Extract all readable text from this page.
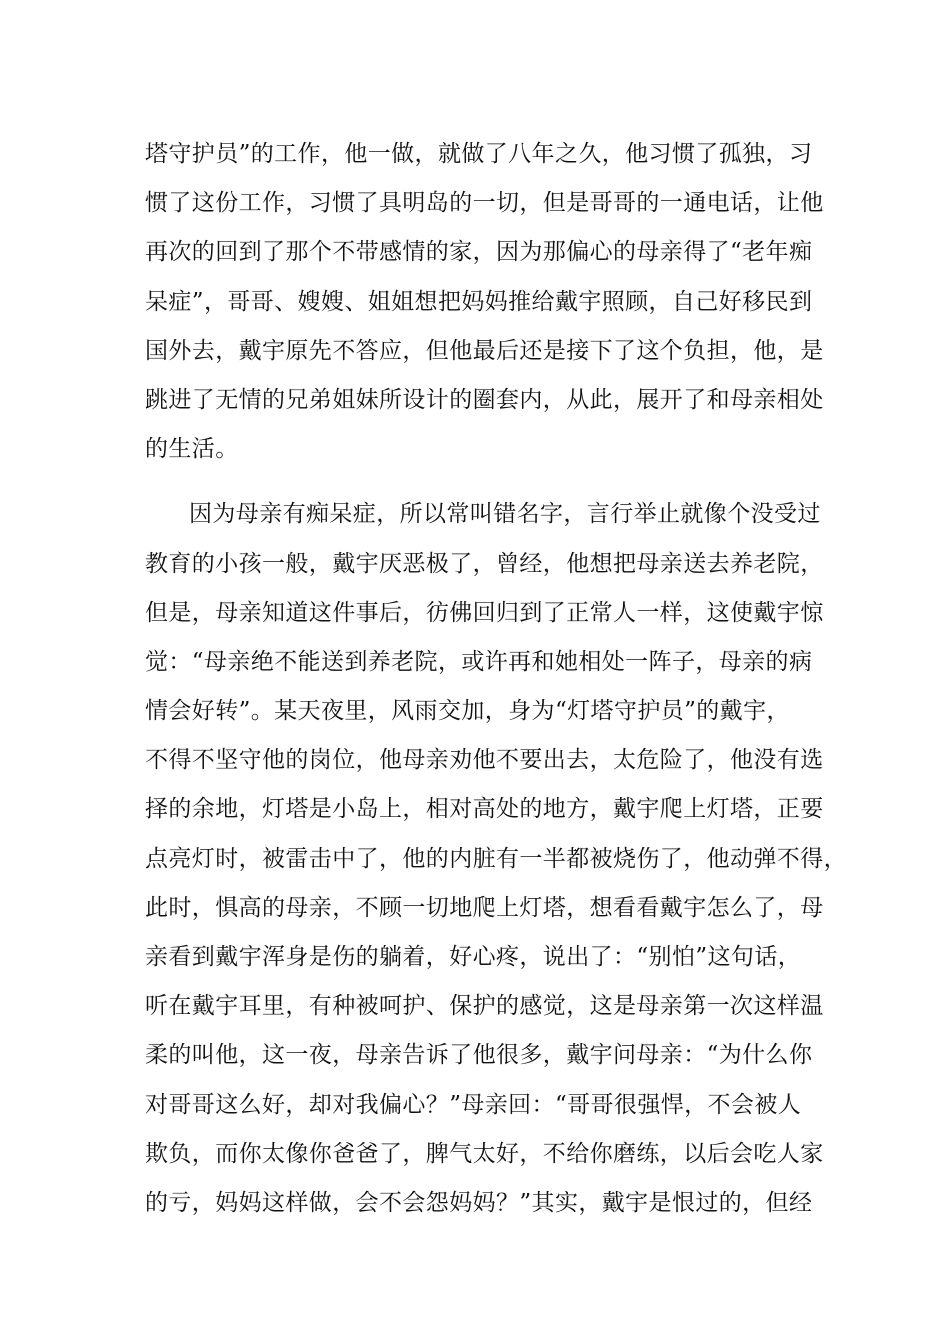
塔守护员”的工作，他一做，就做了八年之久，他习惯了孤独，习
惯了这份工作，习惯了具明岛的一切，但是哥哥的一通电话，让他
再次的回到了那个不带感情的家，因为那偏心的母亲得了“老年痴
呆症”，哥哥、嫂嫂、姐姐想把妈妈推给戴宇照顾，自己好移民到
国外去，戴宇原先不答应，但他最后还是接下了这个负担，他，是
跳进了无情的兄弟姐妹所设计的圈套内，从此，展开了和母亲相处
的生活。
因为母亲有痴呆症，所以常叫错名字，言行举止就像个没受过
教育的小孩一般，戴宇厌恶极了，曾经，他想把母亲送去养老院，
但是，母亲知道这件事后，彷佛回归到了正常人一样，这使戴宇惊
觉：“母亲绝不能送到养老院，或许再和她相处一阵子，母亲的病
情会好转”。某天夜里，风雨交加，身为“灯塔守护员”的戴宇，
不得不坚守他的岗位，他母亲劝他不要出去，太危险了，他没有选
择的余地，灯塔是小岛上，相对高处的地方，戴宇爬上灯塔，正要
点亮灯时，被雷击中了，他的内脏有一半都被烧伤了，他动弹不得，
此时，惧高的母亲，不顾一切地爬上灯塔，想看看戴宇怎么了，母
亲看到戴宇浑身是伤的躺着，好心疼，说出了：“别怕”这句话，
听在戴宇耳里，有种被呵护、保护的感觉，这是母亲第一次这样温
柔的叫他，这一夜，母亲告诉了他很多，戴宇问母亲：“为什么你
对哥哥这么好，却对我偏心？”母亲回：“哥哥很强悍，不会被人
欺负，而你太像你爸爸了，脾气太好，不给你磨练，以后会吃人家
的亏，妈妈这样做，会不会怨妈妈？”其实，戴宇是恨过的，但经
